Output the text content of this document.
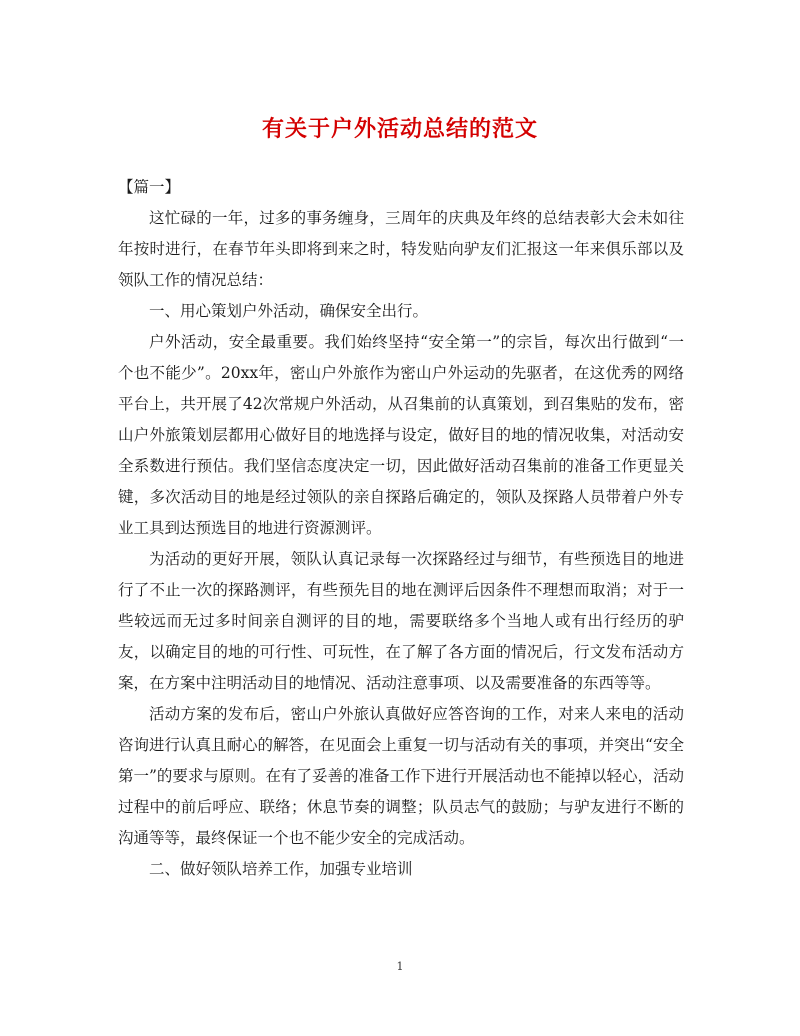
有关于户外活动总结的范文

【篇一】

这忙碌的一年，过多的事务缠身，三周年的庆典及年终的总结表彰大会未如往年按时进行，在春节年头即将到来之时，特发贴向驴友们汇报这一年来俱乐部以及领队工作的情况总结：

一、用心策划户外活动，确保安全出行。

户外活动，安全最重要。我们始终坚持“安全第一”的宗旨，每次出行做到“一个也不能少”。20xx年，密山户外旅作为密山户外运动的先驱者，在这优秀的网络平台上，共开展了42次常规户外活动，从召集前的认真策划，到召集贴的发布，密山户外旅策划层都用心做好目的地选择与设定，做好目的地的情况收集，对活动安全系数进行预估。我们坚信态度决定一切，因此做好活动召集前的准备工作更显关键，多次活动目的地是经过领队的亲自探路后确定的，领队及探路人员带着户外专业工具到达预选目的地进行资源测评。

为活动的更好开展，领队认真记录每一次探路经过与细节，有些预选目的地进行了不止一次的探路测评，有些预先目的地在测评后因条件不理想而取消；对于一些较远而无过多时间亲自测评的目的地，需要联络多个当地人或有出行经历的驴友，以确定目的地的可行性、可玩性，在了解了各方面的情况后，行文发布活动方案，在方案中注明活动目的地情况、活动注意事项、以及需要准备的东西等等。

活动方案的发布后，密山户外旅认真做好应答咨询的工作，对来人来电的活动咨询进行认真且耐心的解答，在见面会上重复一切与活动有关的事项，并突出“安全第一”的要求与原则。在有了妥善的准备工作下进行开展活动也不能掉以轻心，活动过程中的前后呼应、联络；休息节奏的调整；队员志气的鼓励；与驴友进行不断的沟通等等，最终保证一个也不能少安全的完成活动。

二、做好领队培养工作，加强专业培训

1
